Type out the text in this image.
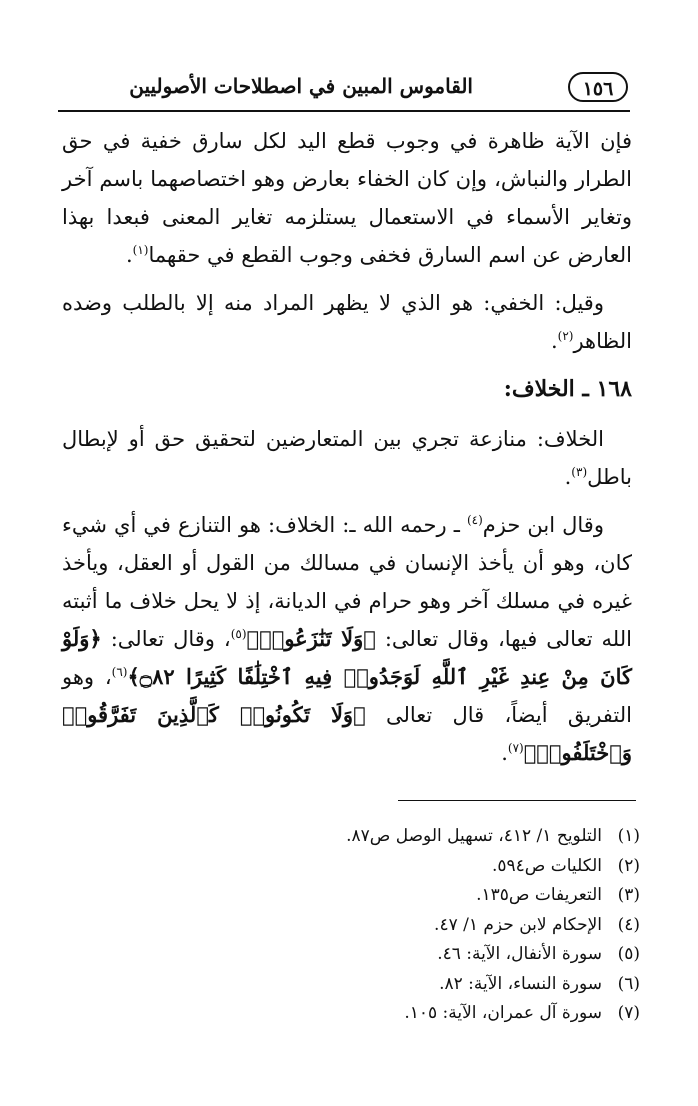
١٥٦
القاموس المبين في اصطلاحات الأصوليين

فإن الآية ظاهرة في وجوب قطع اليد لكل سارق خفية في حق الطرار والنباش، وإن كان الخفاء بعارض وهو اختصاصهما باسم آخر وتغاير الأسماء في الاستعمال يستلزمه تغاير المعنى فبعدا بهذا العارض عن اسم السارق فخفى وجوب القطع في حقهما$^{(١)}$.

وقيل: الخفي: هو الذي لا يظهر المراد منه إلا بالطلب وضده الظاهر$^{(٢)}$.

١٦٨ ـ الخلاف:

الخلاف: منازعة تجري بين المتعارضين لتحقيق حق أو لإبطال باطل$^{(٣)}$.

وقال ابن حزم$^{(٤)}$ ـ رحمه الله ـ: الخلاف: هو التنازع في أي شيء كان، وهو أن يأخذ الإنسان في مسالك من القول أو العقل، ويأخذ غيره في مسلك آخر وهو حرام في الديانة، إذ لا يحل خلاف ما أثبته الله تعالى فيها، وقال تعالى: ﴿وَلَا تَنَٰزَعُوا۟﴾$^{(٥)}$، وقال تعالى: ﴿وَلَوْ كَانَ مِنْ عِندِ غَيْرِ ٱللَّهِ لَوَجَدُوا۟ فِيهِ ٱخْتِلَٰفًا كَثِيرًا ۝٨٢﴾$^{(٦)}$، وهو التفريق أيضاً، قال تعالى ﴿وَلَا تَكُونُوا۟ كَٱلَّذِينَ تَفَرَّقُوا۟ وَٱخْتَلَفُوا۟﴾$^{(٧)}$.

(١)
التلويح ١/ ٤١٢، تسهيل الوصل ص٨٧.
(٢)
الكليات ص٥٩٤.
(٣)
التعريفات ص١٣٥.
(٤)
الإحكام لابن حزم ١/ ٤٧.
(٥)
سورة الأنفال، الآية: ٤٦.
(٦)
سورة النساء، الآية: ٨٢.
(٧)
سورة آل عمران، الآية: ١٠٥.
